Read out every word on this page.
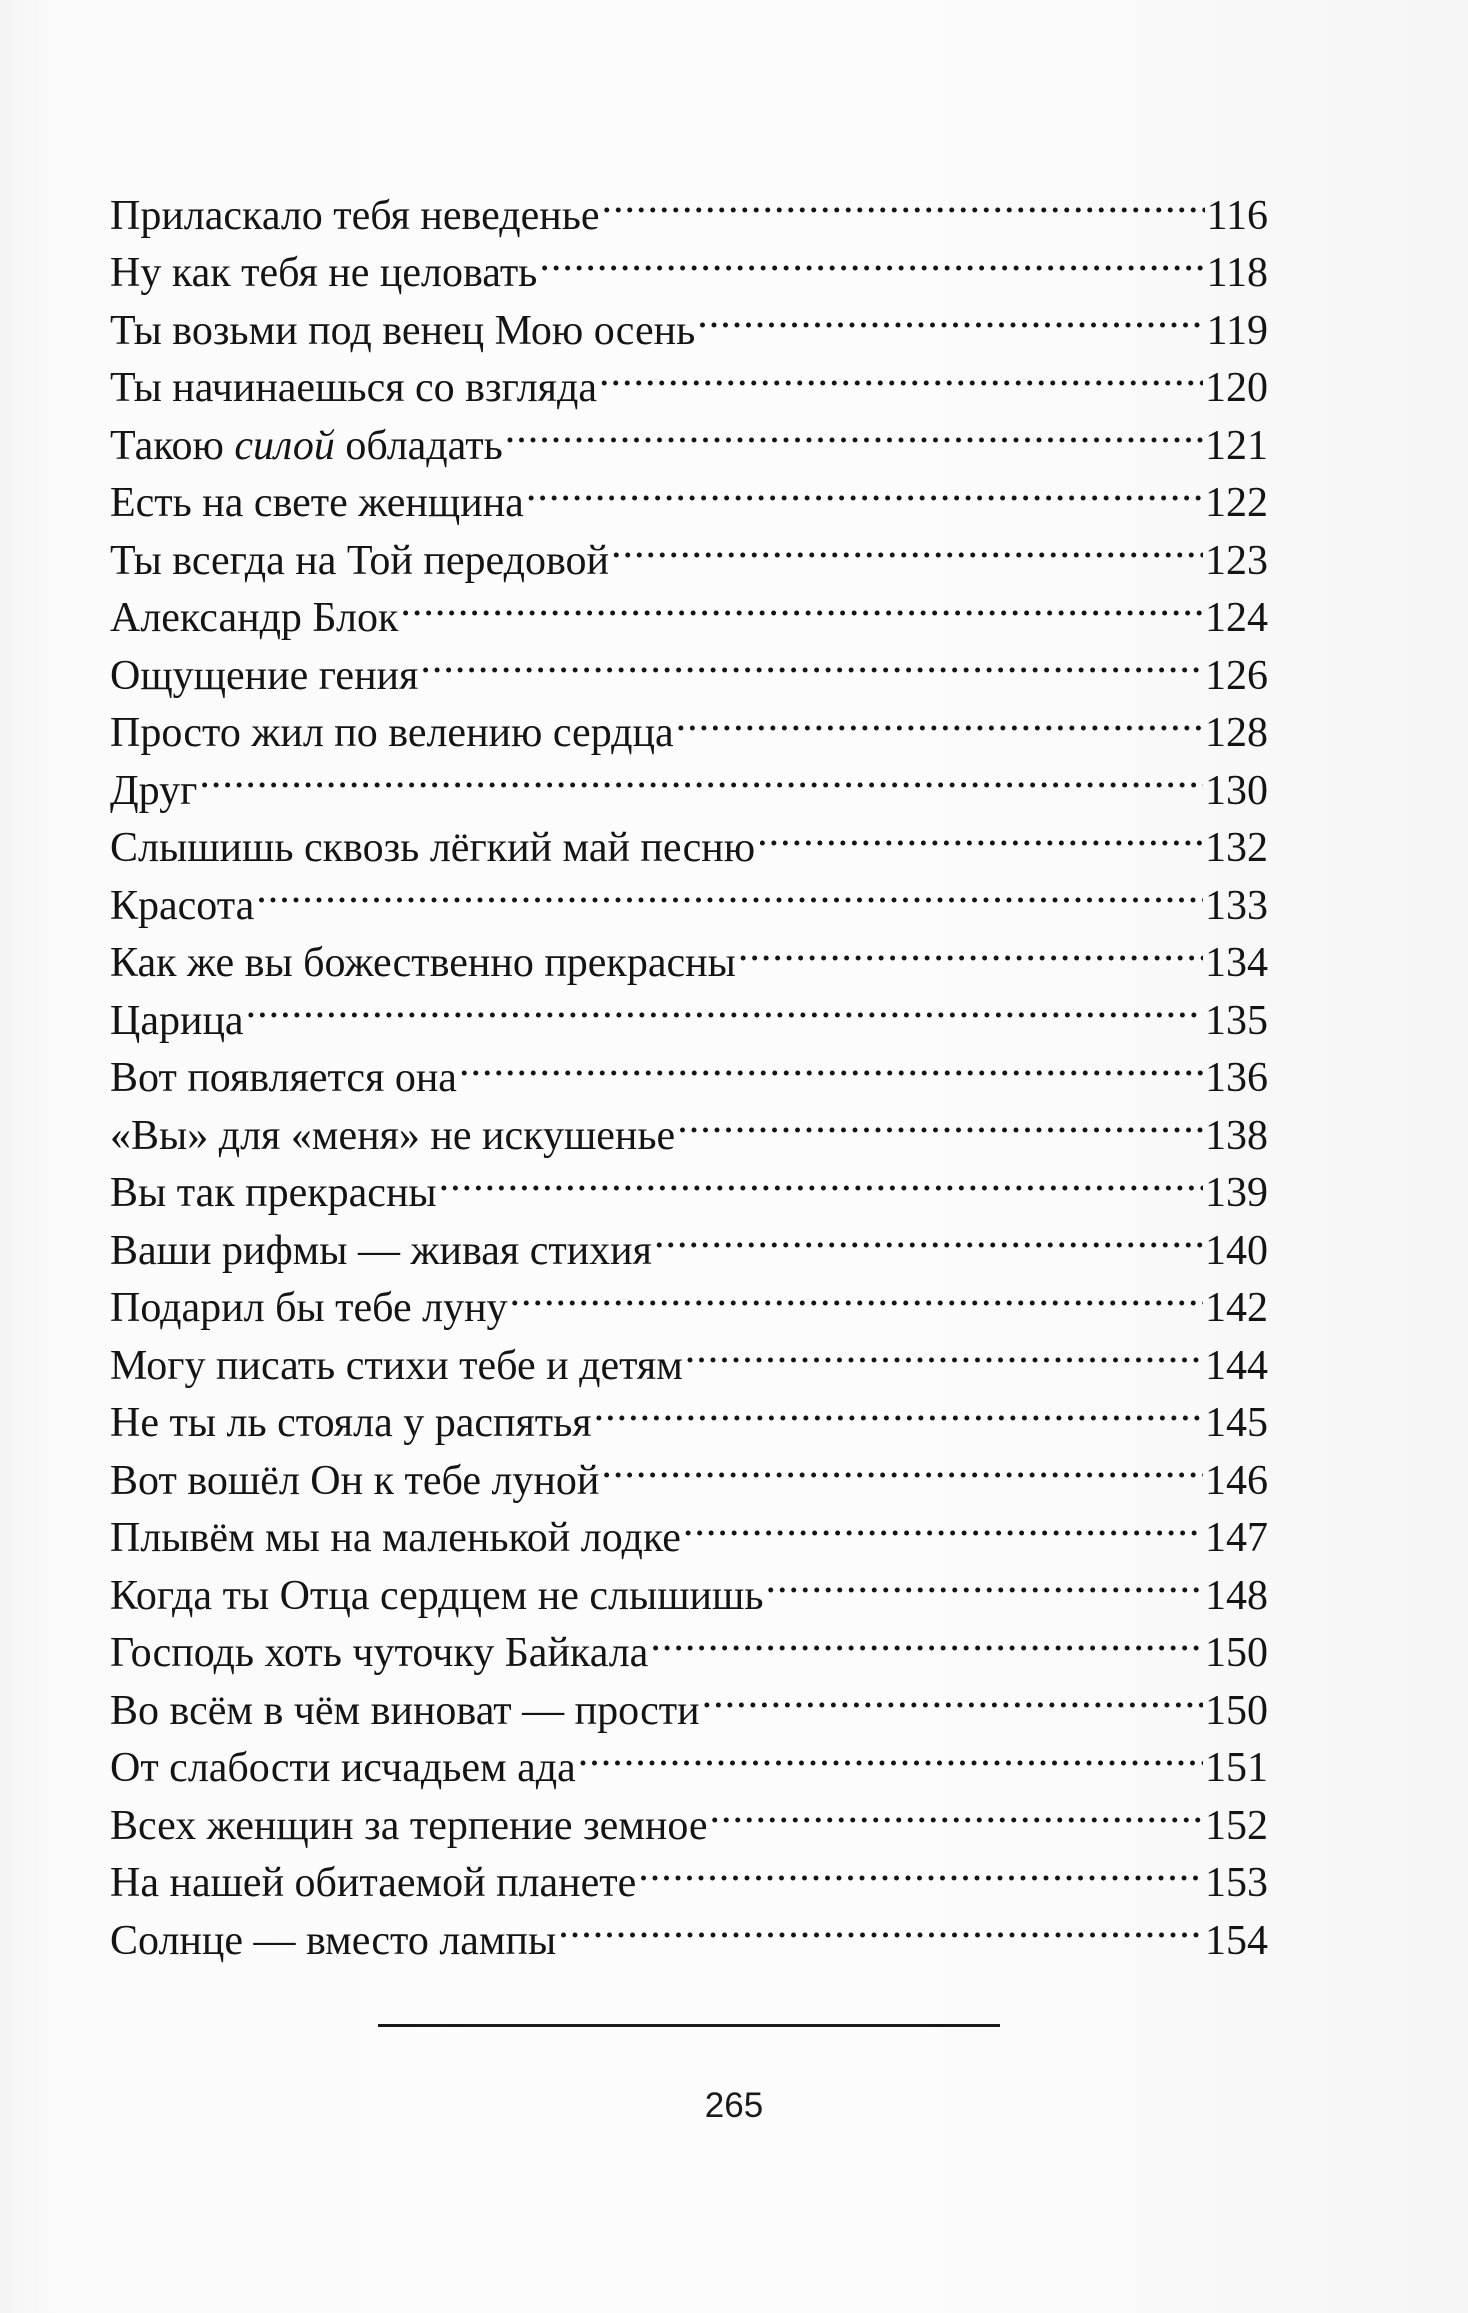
Приласкало тебя неведенье .....	116
Ну как тебя не целовать .....	118
Ты возьми под венец Мою осень .....	119
Ты начинаешься со взгляда .....	120
Такою силой обладать .....	121
Есть на свете женщина .....	122
Ты всегда на Той передовой .....	123
Александр Блок .....	124
Ощущение гения .....	126
Просто жил по велению сердца .....	128
Друг .....	130
Слышишь сквозь лёгкий май песню .....	132
Красота .....	133
Как же вы божественно прекрасны .....	134
Царица .....	135
Вот появляется она .....	136
«Вы» для «меня» не искушенье .....	138
Вы так прекрасны .....	139
Ваши рифмы — живая стихия .....	140
Подарил бы тебе луну .....	142
Могу писать стихи тебе и детям .....	144
Не ты ль стояла у распятья .....	145
Вот вошёл Он к тебе луной .....	146
Плывём мы на маленькой лодке .....	147
Когда ты Отца сердцем не слышишь .....	148
Господь хоть чуточку Байкала .....	150
Во всём в чём виноват — прости .....	150
От слабости исчадьем ада .....	151
Всех женщин за терпение земное .....	152
На нашей обитаемой планете .....	153
Солнце — вместо лампы .....	154
265
